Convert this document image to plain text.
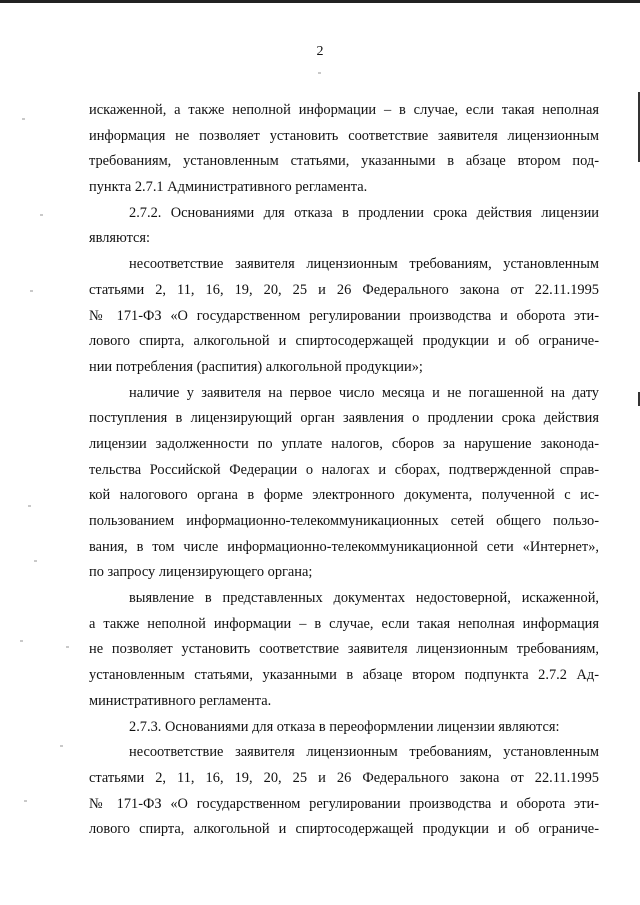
2
искаженной, а также неполной информации – в случае, если такая неполная
информация не позволяет установить соответствие заявителя лицензионным
требованиям, установленным статьями, указанными в абзаце втором под-
пункта 2.7.1 Административного регламента.
2.7.2. Основаниями для отказа в продлении срока действия лицензии
являются:
несоответствие заявителя лицензионным требованиям, установленным
статьями 2, 11, 16, 19, 20, 25 и 26 Федерального закона от 22.11.1995
№ 171-ФЗ «О государственном регулировании производства и оборота эти-
лового спирта, алкогольной и спиртосодержащей продукции и об ограниче-
нии потребления (распития) алкогольной продукции»;
наличие у заявителя на первое число месяца и не погашенной на дату
поступления в лицензирующий орган заявления о продлении срока действия
лицензии задолженности по уплате налогов, сборов за нарушение законода-
тельства Российской Федерации о налогах и сборах, подтвержденной справ-
кой налогового органа в форме электронного документа, полученной с ис-
пользованием информационно-телекоммуникационных сетей общего пользо-
вания, в том числе информационно-телекоммуникационной сети «Интернет»,
по запросу лицензирующего органа;
выявление в представленных документах недостоверной, искаженной,
а также неполной информации – в случае, если такая неполная информация
не позволяет установить соответствие заявителя лицензионным требованиям,
установленным статьями, указанными в абзаце втором подпункта 2.7.2 Ад-
министративного регламента.
2.7.3. Основаниями для отказа в переоформлении лицензии являются:
несоответствие заявителя лицензионным требованиям, установленным
статьями 2, 11, 16, 19, 20, 25 и 26 Федерального закона от 22.11.1995
№ 171-ФЗ «О государственном регулировании производства и оборота эти-
лового спирта, алкогольной и спиртосодержащей продукции и об ограниче-
